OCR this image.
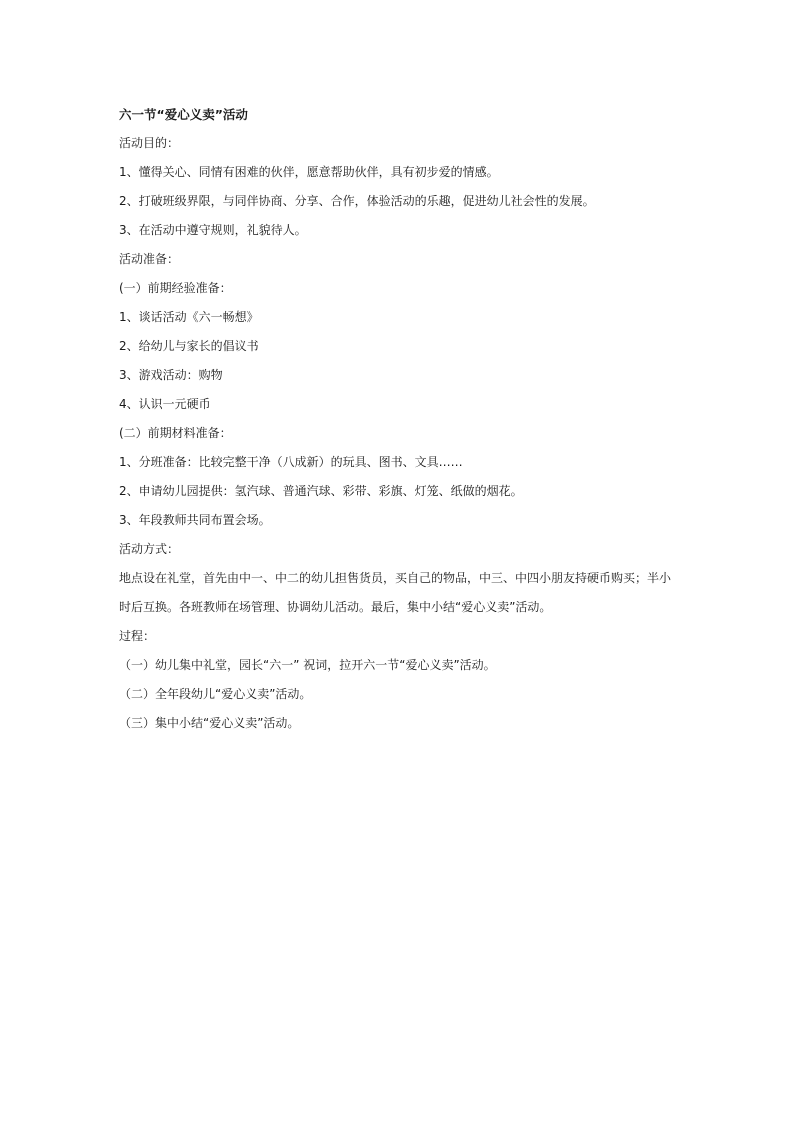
六一节“爱心义卖”活动
活动目的：
1、懂得关心、同情有困难的伙伴，愿意帮助伙伴，具有初步爱的情感。
2、打破班级界限，与同伴协商、分享、合作，体验活动的乐趣，促进幼儿社会性的发展。
3、在活动中遵守规则，礼貌待人。
活动准备：
(一）前期经验准备：
1、谈话活动《六一畅想》
2、给幼儿与家长的倡议书
3、游戏活动：购物
4、认识一元硬币
(二）前期材料准备：
1、分班准备：比较完整干净（八成新）的玩具、图书、文具……
2、申请幼儿园提供：氢汽球、普通汽球、彩带、彩旗、灯笼、纸做的烟花。
3、年段教师共同布置会场。
活动方式：
地点设在礼堂，首先由中一、中二的幼儿担售货员，买自己的物品，中三、中四小朋友持硬币购买；半小
时后互换。各班教师在场管理、协调幼儿活动。最后，集中小结“爱心义卖”活动。
过程：
（一）幼儿集中礼堂，园长“六一” 祝词，拉开六一节“爱心义卖”活动。
（二）全年段幼儿“爱心义卖”活动。
（三）集中小结“爱心义卖”活动。
